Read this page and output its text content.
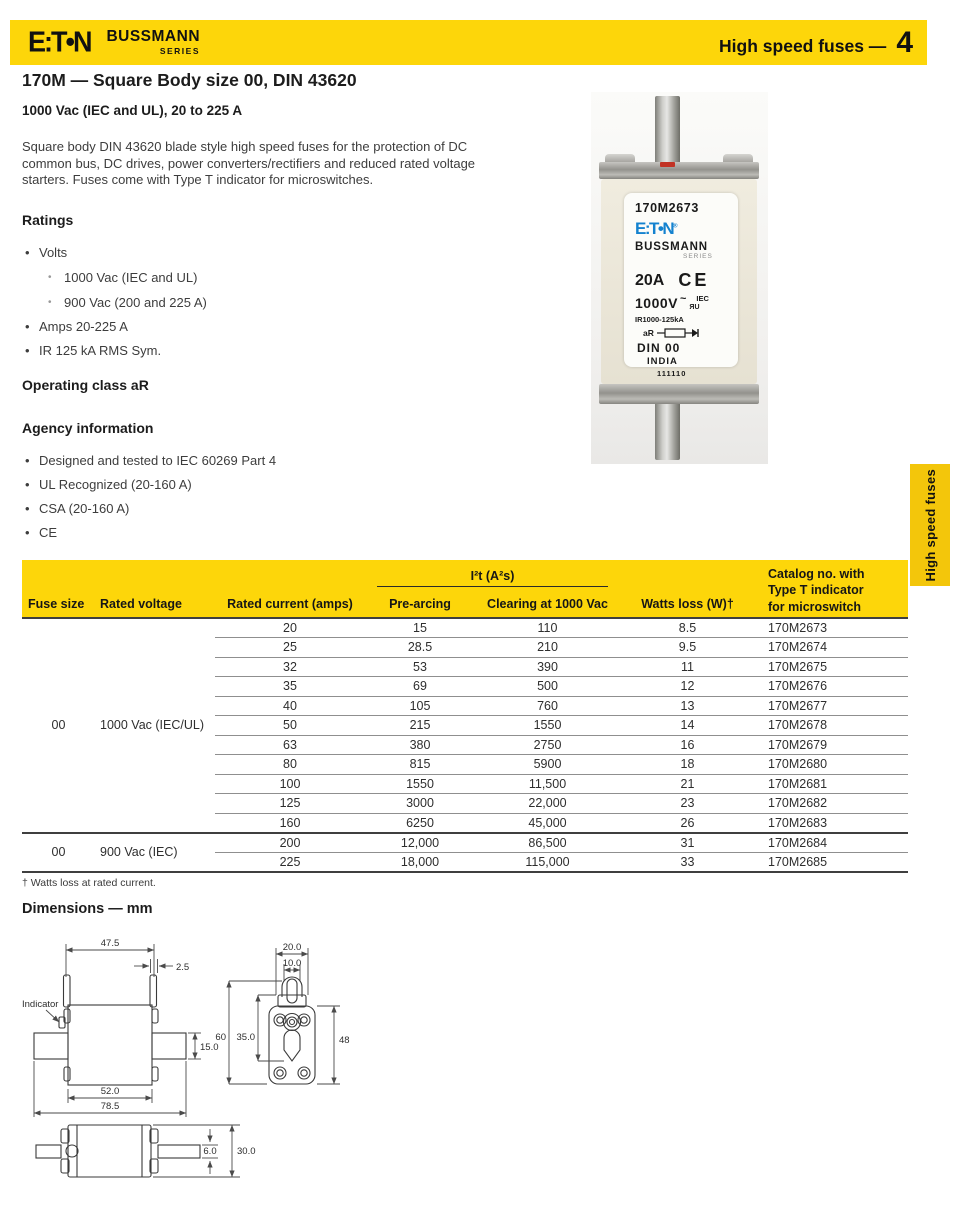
E:T•N BUSSMANN
SERIES	High speed fuses — 4
170M — Square Body size 00, DIN 43620
1000 Vac (IEC and UL), 20 to 225 A

Square body DIN 43620 blade style high speed fuses for the protection of DC common bus, DC drives, power converters/rectifiers and reduced rated voltage starters. Fuses come with Type T indicator for microswitches.

Ratings
• Volts
• 1000 Vac (IEC and UL)
• 900 Vac (200 and 225 A)
• Amps 20-225 A
• IR 125 kA RMS Sym.
Operating class aR
Agency information
• Designed and tested to IEC 60269 Part 4
• UL Recognized (20-160 A)
• CSA (20-160 A)
• CE
170M2673
E:T•N®
BUSSMANN
SERIES
20A CE
1000V ~ IEC
ЯU
IR1000-125kA
aR
DIN 00
INDIA
111110
High speed fuses

			I²t (A²s)			Catalog no. with Type T indicator for microswitch
Fuse size	Rated voltage	Rated current (amps)	Pre-arcing	Clearing at 1000 Vac	Watts loss (W)†	
00	1000 Vac (IEC/UL)	20	15	110	8.5	170M2673
		25	28.5	210	9.5	170M2674
		32	53	390	11	170M2675
		35	69	500	12	170M2676
		40	105	760	13	170M2677
		50	215	1550	14	170M2678
		63	380	2750	16	170M2679
		80	815	5900	18	170M2680
		100	1550	11,500	21	170M2681
		125	3000	22,000	23	170M2682
		160	6250	45,000	26	170M2683
00	900 Vac (IEC)	200	12,000	86,500	31	170M2684
		225	18,000	115,000	33	170M2685
† Watts loss at rated current.
Dimensions — mm
47.5
2.5
Indicator
15.0
52.0
78.5
20.0
10.0
60 35.0	48
6.0 30.0
